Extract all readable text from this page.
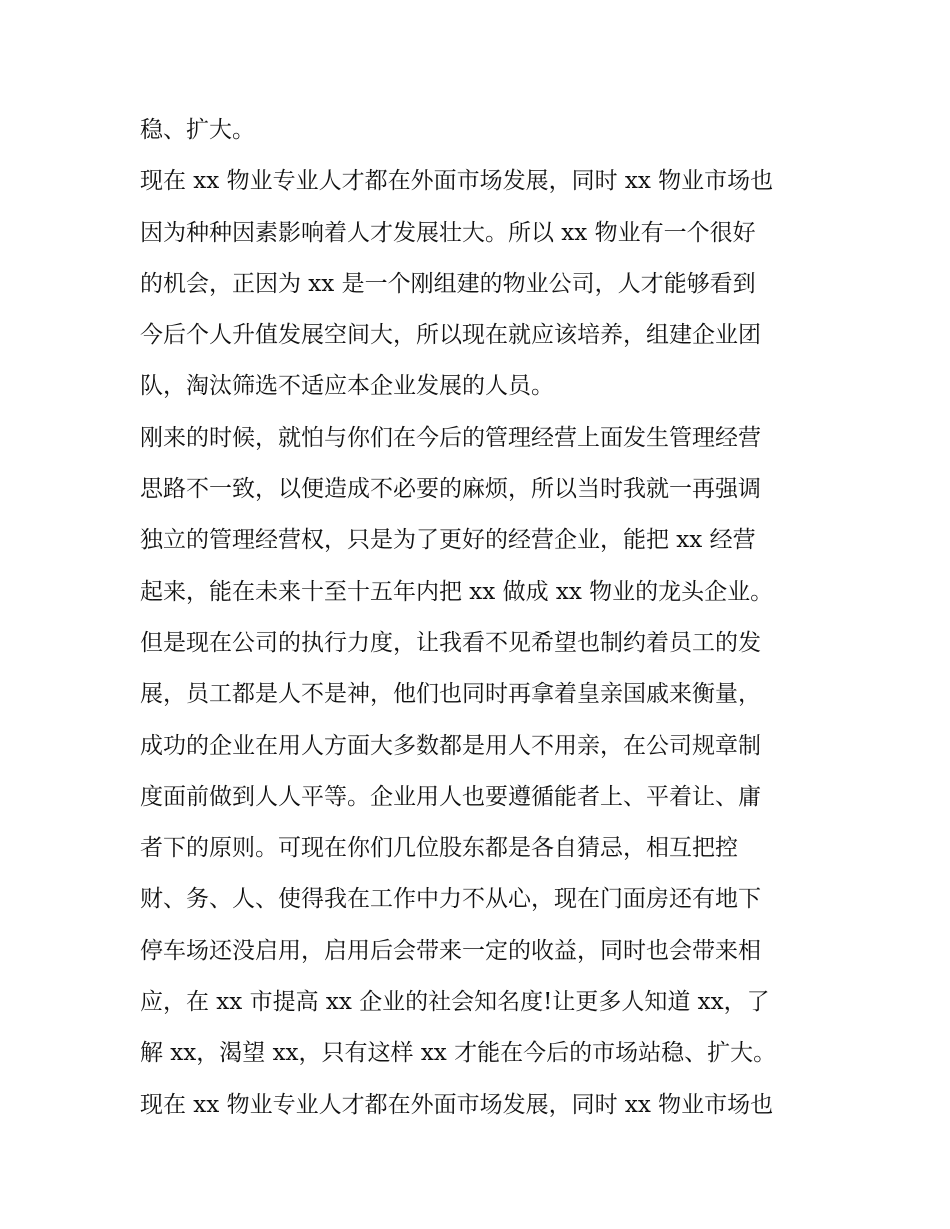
稳、扩大。
现在 xx 物业专业人才都在外面市场发展，同时 xx 物业市场也
因为种种因素影响着人才发展壮大。所以 xx 物业有一个很好
的机会，正因为 xx 是一个刚组建的物业公司，人才能够看到
今后个人升值发展空间大，所以现在就应该培养，组建企业团
队，淘汰筛选不适应本企业发展的人员。
刚来的时候，就怕与你们在今后的管理经营上面发生管理经营
思路不一致，以便造成不必要的麻烦，所以当时我就一再强调
独立的管理经营权，只是为了更好的经营企业，能把 xx 经营
起来，能在未来十至十五年内把 xx 做成 xx 物业的龙头企业。
但是现在公司的执行力度，让我看不见希望也制约着员工的发
展，员工都是人不是神，他们也同时再拿着皇亲国戚来衡量，
成功的企业在用人方面大多数都是用人不用亲，在公司规章制
度面前做到人人平等。企业用人也要遵循能者上、平着让、庸
者下的原则。可现在你们几位股东都是各自猜忌，相互把控
财、务、人、使得我在工作中力不从心，现在门面房还有地下
停车场还没启用，启用后会带来一定的收益，同时也会带来相
应，在 xx 市提高 xx 企业的社会知名度!让更多人知道 xx，了
解 xx，渴望 xx，只有这样 xx 才能在今后的市场站稳、扩大。
现在 xx 物业专业人才都在外面市场发展，同时 xx 物业市场也
